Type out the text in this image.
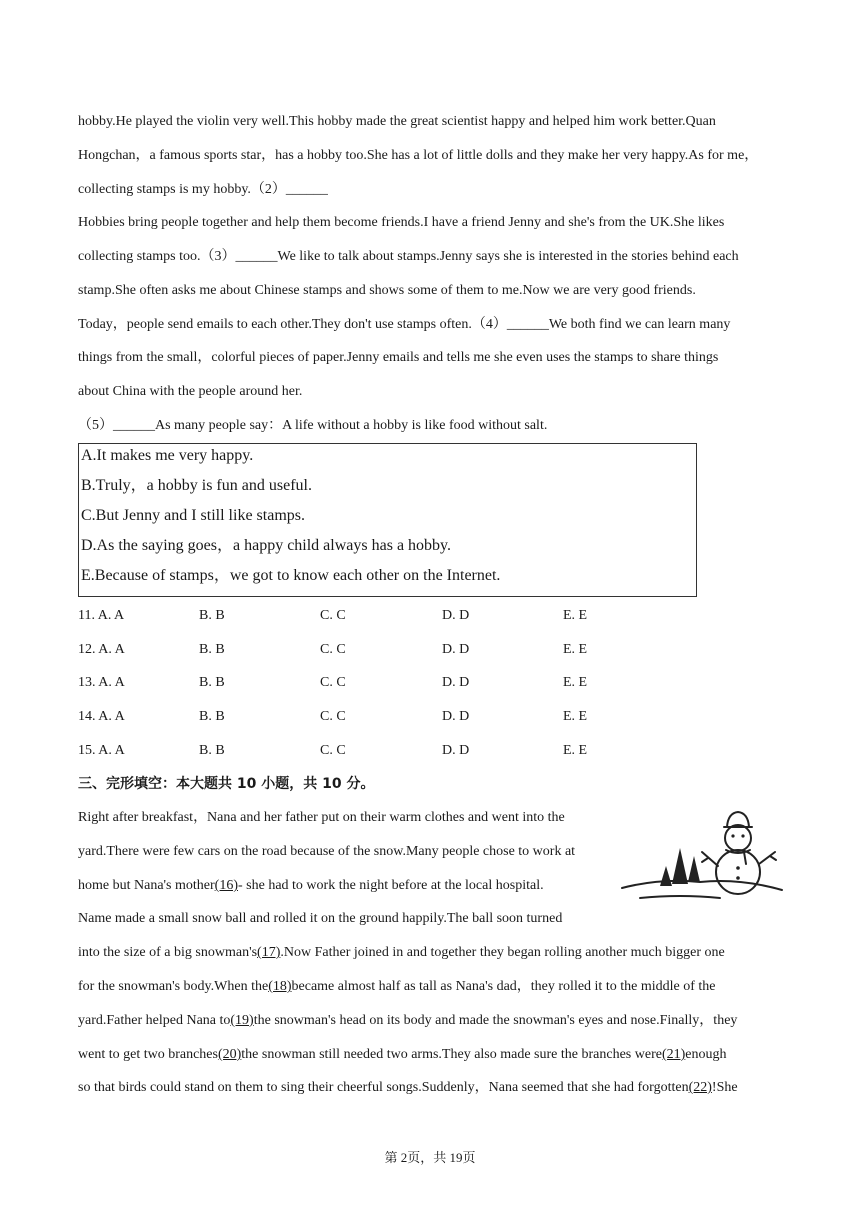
hobby.He played the violin very well.This hobby made the great scientist happy and helped him work better.Quan
Hongchan，a famous sports star，has a hobby too.She has a lot of little dolls and they make her very happy.As for me，
collecting stamps is my hobby.（2）______
Hobbies bring people together and help them become friends.I have a friend Jenny and she's from the UK.She likes
collecting stamps too.（3）______We like to talk about stamps.Jenny says she is interested in the stories behind each
stamp.She often asks me about Chinese stamps and shows some of them to me.Now we are very good friends.
Today，people send emails to each other.They don't use stamps often.（4）______We both find we can learn many
things from the small，colorful pieces of paper.Jenny emails and tells me she even uses the stamps to share things
about China with the people around her.
（5）______As many people say：A life without a hobby is like food without salt.
A.It makes me very happy.
B.Truly，a hobby is fun and useful.
C.But Jenny and I still like stamps.
D.As the saying goes，a happy child always has a hobby.
E.Because of stamps，we got to know each other on the Internet.
11. A. A	B. B	C. C	D. D	E. E
12. A. A	B. B	C. C	D. D	E. E
13. A. A	B. B	C. C	D. D	E. E
14. A. A	B. B	C. C	D. D	E. E
15. A. A	B. B	C. C	D. D	E. E
三、完形填空：本大题共 10 小题，共 10 分。
Right after breakfast，Nana and her father put on their warm clothes and went into the
yard.There were few cars on the road because of the snow.Many people chose to work at
home but Nana's mother(16)- she had to work the night before at the local hospital.
Name made a small snow ball and rolled it on the ground happily.The ball soon turned
into the size of a big snowman's(17).Now Father joined in and together they began rolling another much bigger one
for the snowman's body.When the(18)became almost half as tall as Nana's dad，they rolled it to the middle of the
yard.Father helped Nana to(19)the snowman's head on its body and made the snowman's eyes and nose.Finally，they
went to get two branches(20)the snowman still needed two arms.They also made sure the branches were(21)enough
so that birds could stand on them to sing their cheerful songs.Suddenly，Nana seemed that she had forgotten(22)!She
第 2页，共 19页
